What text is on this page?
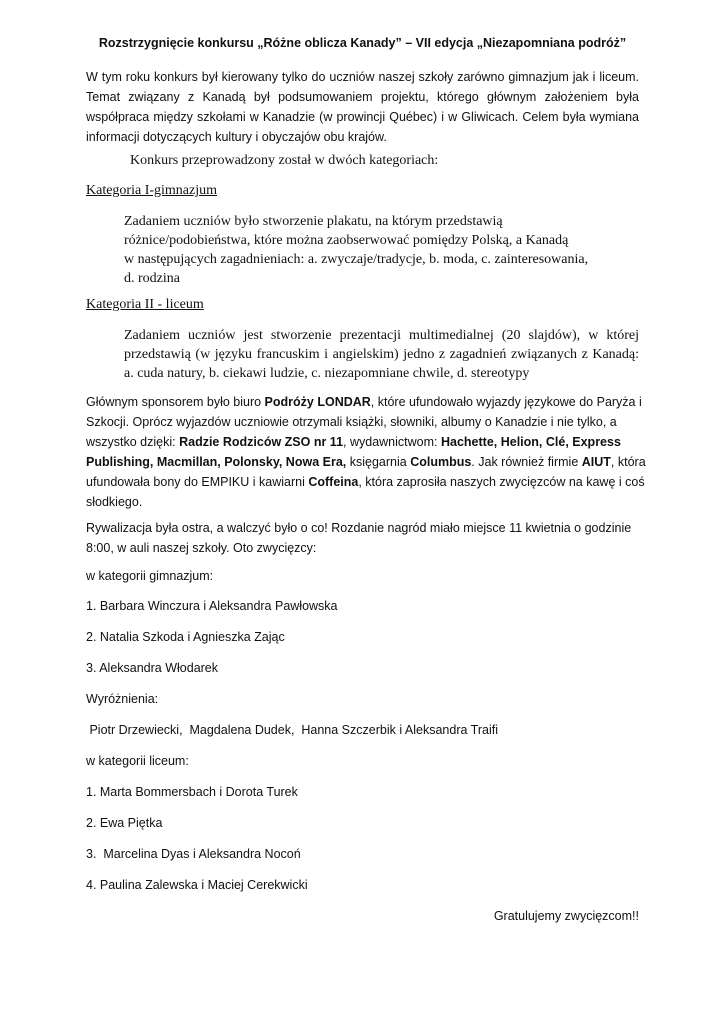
Rozstrzygnięcie konkursu „Różne oblicza Kanady” – VII edycja „Niezapomniana podróż”
W tym roku konkurs był kierowany tylko do uczniów naszej szkoły zarówno gimnazjum jak i liceum. Temat związany z Kanadą był podsumowaniem projektu, którego głównym założeniem była współpraca między szkołami w Kanadzie (w prowincji Québec) i w Gliwicach. Celem była wymiana informacji dotyczących kultury i obyczajów obu krajów.
Konkurs przeprowadzony został w dwóch kategoriach:
Kategoria I-gimnazjum
Zadaniem uczniów było stworzenie plakatu, na którym przedstawią
różnice/podobieństwa, które można zaobserwować pomiędzy Polską, a Kanadą
w następujących zagadnieniach: a. zwyczaje/tradycje, b. moda, c. zainteresowania,
d. rodzina
Kategoria II - liceum
Zadaniem uczniów jest stworzenie prezentacji multimedialnej (20 slajdów), w której przedstawią (w języku francuskim i angielskim) jedno z zagadnień związanych z Kanadą: a. cuda natury, b. ciekawi ludzie, c. niezapomniane chwile, d. stereotypy
Głównym sponsorem było biuro Podróży LONDAR, które ufundowało wyjazdy językowe do Paryża i Szkocji. Oprócz wyjazdów uczniowie otrzymali książki, słowniki, albumy o Kanadzie i nie tylko, a wszystko dzięki: Radzie Rodziców ZSO nr 11, wydawnictwom: Hachette, Helion, Clé, Express Publishing, Macmillan, Polonsky, Nowa Era, księgarnia Columbus. Jak również firmie AIUT, która ufundowała bony do EMPIKU i kawiarni Coffeina, która zaprosiła naszych zwycięzców na kawę i coś słodkiego.
Rywalizacja była ostra, a walczyć było o co! Rozdanie nagród miało miejsce 11 kwietnia o godzinie 8:00, w auli naszej szkoły. Oto zwycięzcy:
w kategorii gimnazjum:
1. Barbara Winczura i Aleksandra Pawłowska
2. Natalia Szkoda i Agnieszka Zając
3. Aleksandra Włodarek
Wyróżnienia:
Piotr Drzewiecki,  Magdalena Dudek,  Hanna Szczerbik i Aleksandra Traifi
w kategorii liceum:
1. Marta Bommersbach i Dorota Turek
2. Ewa Piętka
3.  Marcelina Dyas i Aleksandra Nocoń
4. Paulina Zalewska i Maciej Cerekwicki
Gratulujemy zwycięzcom!!
